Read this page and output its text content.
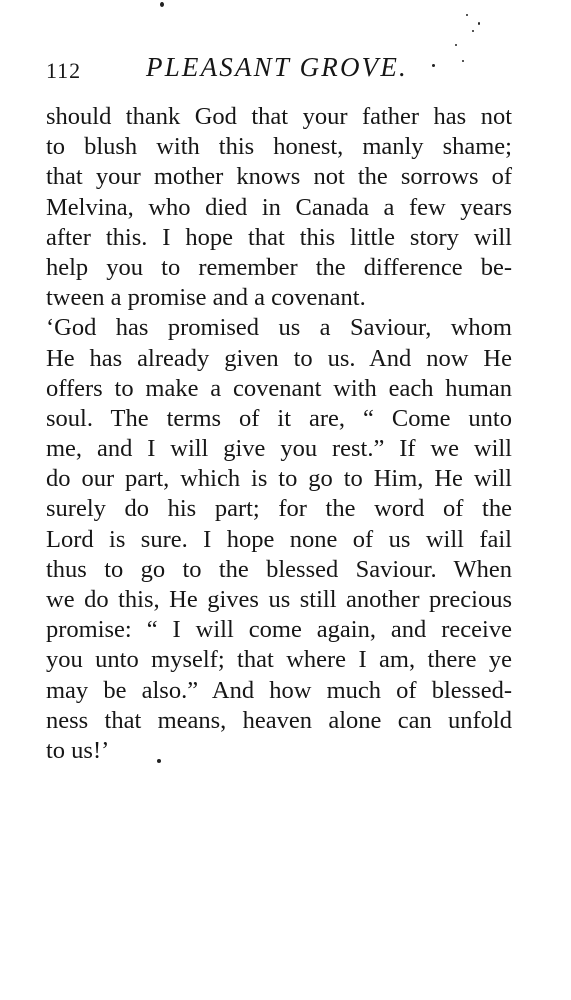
112 PLEASANT GROVE.
should thank God that your father has not
to blush with this honest, manly shame;
that your mother knows not the sorrows of
Melvina, who died in Canada a few years
after this. I hope that this little story will
help you to remember the difference be-
tween a promise and a covenant.
‘God has promised us a Saviour, whom
He has already given to us. And now He
offers to make a covenant with each human
soul. The terms of it are, “ Come unto
me, and I will give you rest.” If we will
do our part, which is to go to Him, He will
surely do his part; for the word of the
Lord is sure. I hope none of us will fail
thus to go to the blessed Saviour. When
we do this, He gives us still another precious
promise: “ I will come again, and receive
you unto myself; that where I am, there ye
may be also.” And how much of blessed-
ness that means, heaven alone can unfold
to us!’
